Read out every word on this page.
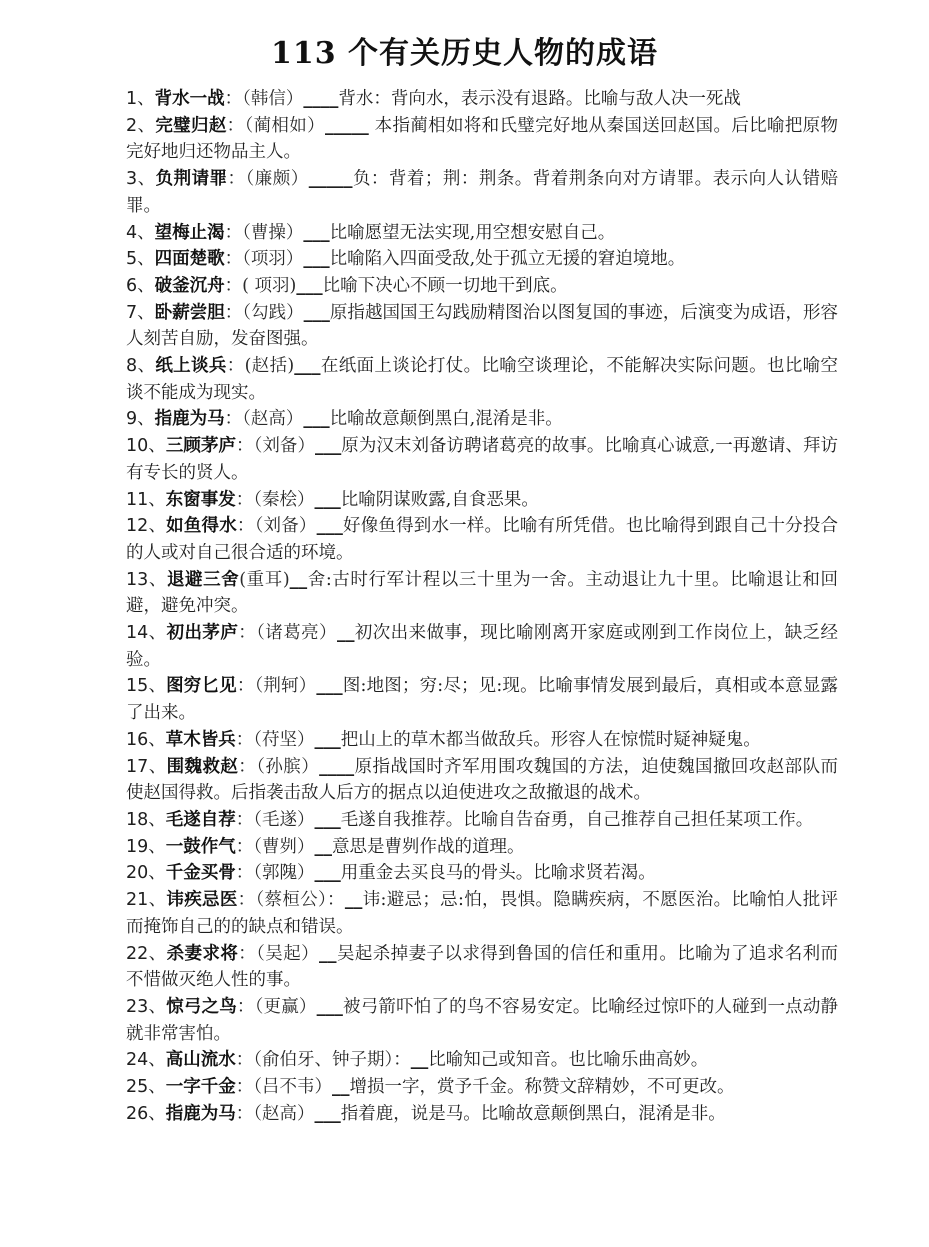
113 个有关历史人物的成语
1、背水一战：（韩信）____背水：背向水，表示没有退路。比喻与敌人决一死战
2、完璧归赵：（蔺相如）_____ 本指蔺相如将和氏璧完好地从秦国送回赵国。后比喻把原物完好地归还物品主人。
3、负荆请罪：（廉颇）_____负：背着；荆：荆条。背着荆条向对方请罪。表示向人认错赔罪。
4、望梅止渴：（曹操）___比喻愿望无法实现,用空想安慰自己。
5、四面楚歌：（项羽）___比喻陷入四面受敌,处于孤立无援的窘迫境地。
6、破釜沉舟：( 项羽)___比喻下决心不顾一切地干到底。
7、卧薪尝胆：（勾践）___原指越国国王勾践励精图治以图复国的事迹，后演变为成语，形容人刻苦自励，发奋图强。
8、纸上谈兵：(赵括)___在纸面上谈论打仗。比喻空谈理论，不能解决实际问题。也比喻空谈不能成为现实。
9、指鹿为马：（赵高）___比喻故意颠倒黑白,混淆是非。
10、三顾茅庐：（刘备）___原为汉末刘备访聘诸葛亮的故事。比喻真心诚意,一再邀请、拜访有专长的贤人。
11、东窗事发：（秦桧）___比喻阴谋败露,自食恶果。
12、如鱼得水：（刘备）___好像鱼得到水一样。比喻有所凭借。也比喻得到跟自己十分投合的人或对自己很合适的环境。
13、退避三舍(重耳)__舍:古时行军计程以三十里为一舍。主动退让九十里。比喻退让和回避，避免冲突。
14、初出茅庐：（诸葛亮）__初次出来做事，现比喻刚离开家庭或刚到工作岗位上，缺乏经验。
15、图穷匕见：（荆轲）___图:地图；穷:尽；见:现。比喻事情发展到最后，真相或本意显露了出来。
16、草木皆兵：（苻坚）___把山上的草木都当做敌兵。形容人在惊慌时疑神疑鬼。
17、围魏救赵：（孙膑）____原指战国时齐军用围攻魏国的方法，迫使魏国撤回攻赵部队而使赵国得救。后指袭击敌人后方的据点以迫使进攻之敌撤退的战术。
18、毛遂自荐：（毛遂）___毛遂自我推荐。比喻自告奋勇，自己推荐自己担任某项工作。
19、一鼓作气：（曹刿）__意思是曹刿作战的道理。
20、千金买骨：（郭隗）___用重金去买良马的骨头。比喻求贤若渴。
21、讳疾忌医：（蔡桓公）：__讳:避忌；忌:怕，畏惧。隐瞒疾病，不愿医治。比喻怕人批评而掩饰自己的的缺点和错误。
22、杀妻求将：（吴起）__吴起杀掉妻子以求得到鲁国的信任和重用。比喻为了追求名利而不惜做灭绝人性的事。
23、惊弓之鸟：（更赢）___被弓箭吓怕了的鸟不容易安定。比喻经过惊吓的人碰到一点动静就非常害怕。
24、高山流水：（俞伯牙、钟子期）：__比喻知己或知音。也比喻乐曲高妙。
25、一字千金：（吕不韦）__增损一字，赏予千金。称赞文辞精妙，不可更改。
26、指鹿为马：（赵高）___指着鹿，说是马。比喻故意颠倒黑白，混淆是非。
